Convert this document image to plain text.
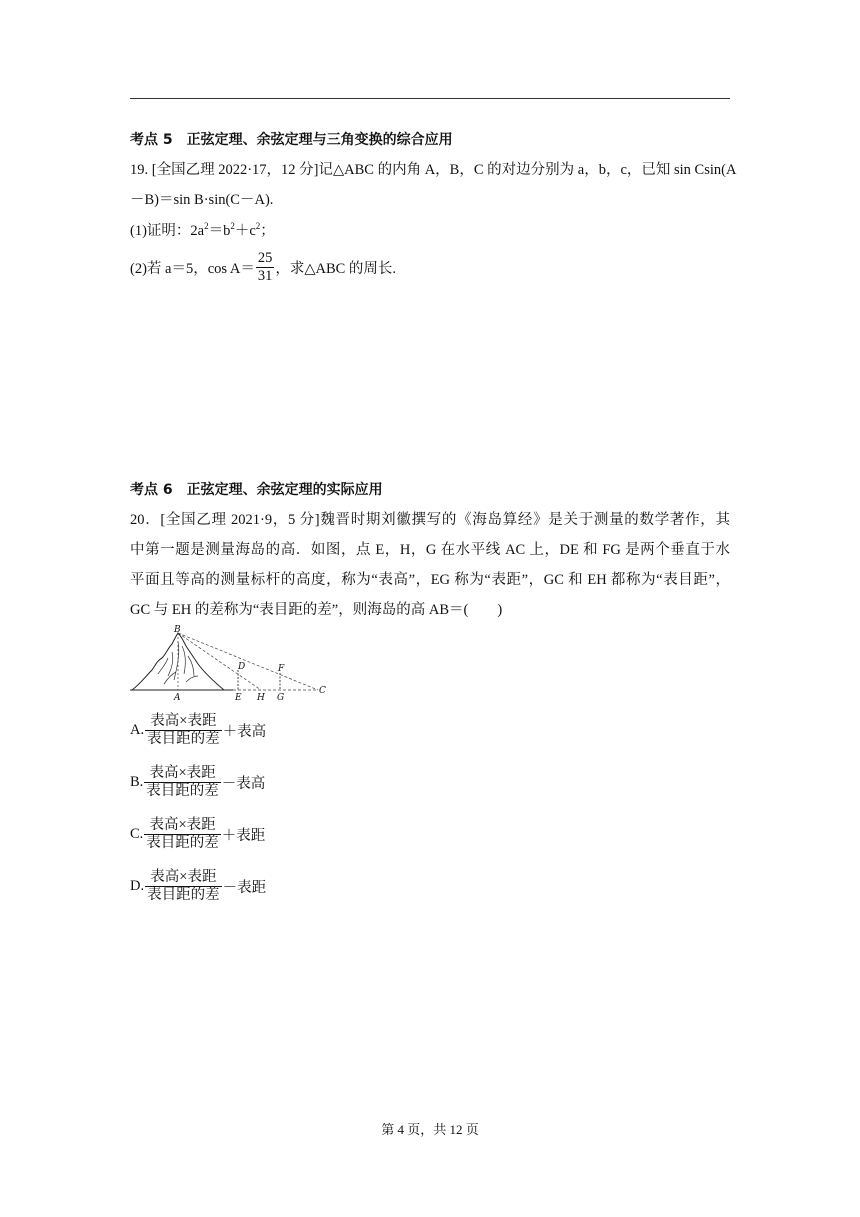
考点 5 正弦定理、余弦定理与三角变换的综合应用
19. [全国乙理 2022·17，12 分]记△ABC 的内角 A，B，C 的对边分别为 a，b，c，已知 sin Csin(A
－B)＝sin B·sin(C－A).
(1)证明：$2a^2=b^2+c^2$；
(2)若 a＝5，$\cos A= \frac{25}{31}$ ，求△ABC 的周长.
考点 6 正弦定理、余弦定理的实际应用
20．[全国乙理 2021·9，5 分]魏晋时期刘徽撰写的《海岛算经》是关于测量的数学著作，其
中第一题是测量海岛的高．如图，点 E，H，G 在水平线 AC 上，DE 和 FG 是两个垂直于水
平面且等高的测量标杆的高度，称为“表高”，EG 称为“表距”，GC 和 EH 都称为“表目距”，
GC 与 EH 的差称为“表目距的差”，则海岛的高 AB＝(　　)
B
D	F
A	E H G
C
A. $\frac{\text{表高×表距}}{\text{表目距的差}}$ ＋表高
B. $\frac{\text{表高×表距}}{\text{表目距的差}}$ －表高
C. $\frac{\text{表高×表距}}{\text{表目距的差}}$ ＋表距
D. $\frac{\text{表高×表距}}{\text{表目距的差}}$ －表距
第 4 页，共 12 页
